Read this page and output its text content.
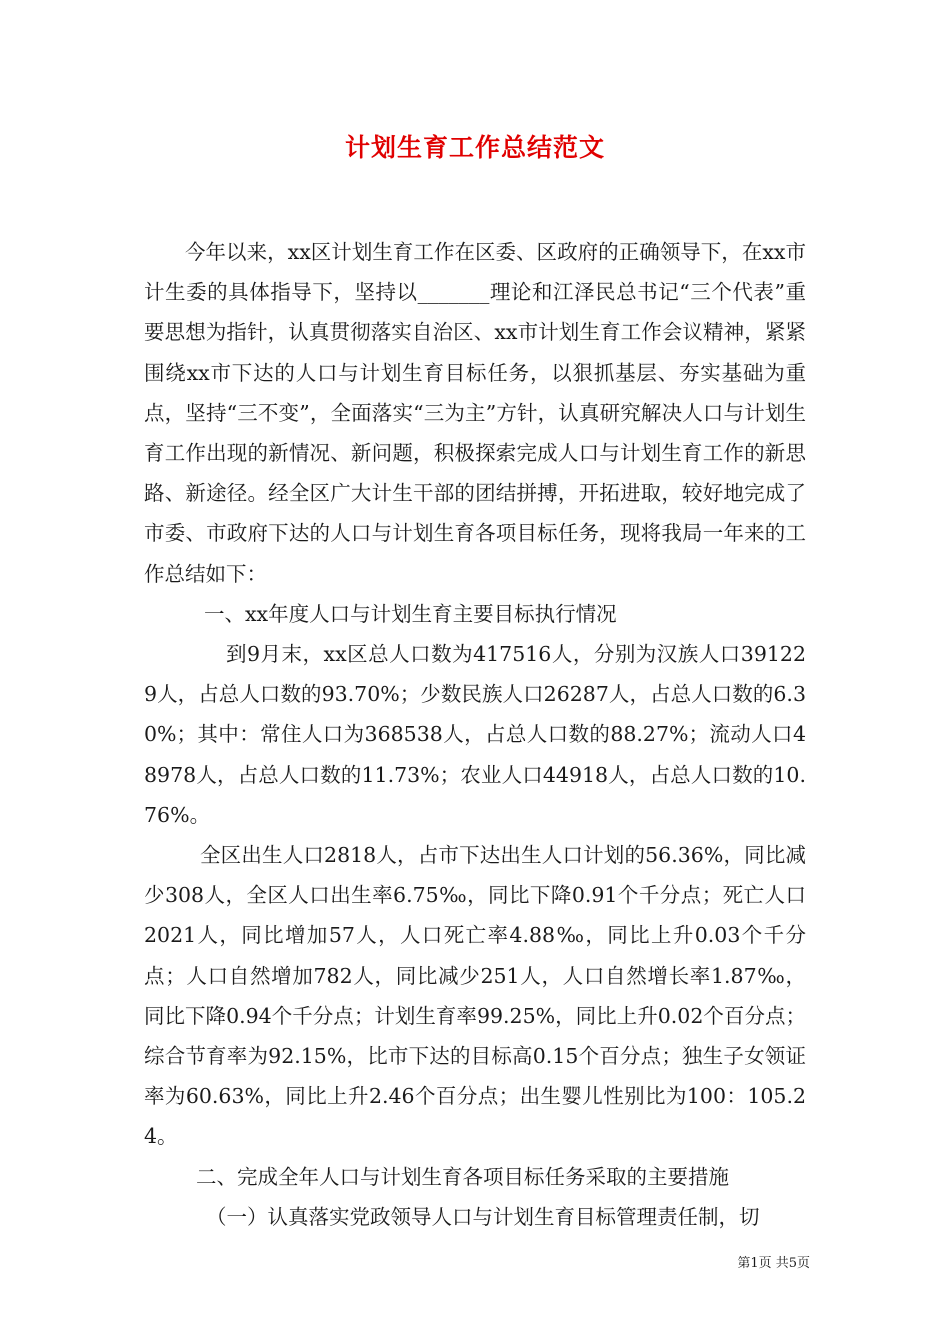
计划生育工作总结范文

今年以来，xx区计划生育工作在区委、区政府的正确领导下，在xx市计生委的具体指导下，坚持以_______理论和江泽民总书记“三个代表”重要思想为指针，认真贯彻落实自治区、xx市计划生育工作会议精神，紧紧围绕xx市下达的人口与计划生育目标任务，以狠抓基层、夯实基础为重点，坚持“三不变”，全面落实“三为主”方针，认真研究解决人口与计划生育工作出现的新情况、新问题，积极探索完成人口与计划生育工作的新思路、新途径。经全区广大计生干部的团结拼搏，开拓进取，较好地完成了市委、市政府下达的人口与计划生育各项目标任务，现将我局一年来的工作总结如下：

一、xx年度人口与计划生育主要目标执行情况

到9月末，xx区总人口数为417516人，分别为汉族人口391229人，占总人口数的93.70%；少数民族人口26287人，占总人口数的6.30%；其中：常住人口为368538人，占总人口数的88.27%；流动人口48978人，占总人口数的11.73%；农业人口44918人，占总人口数的10.76%。

全区出生人口2818人，占市下达出生人口计划的56.36%，同比减少308人，全区人口出生率6.75‰，同比下降0.91个千分点；死亡人口2021人，同比增加57人，人口死亡率4.88‰，同比上升0.03个千分点；人口自然增加782人，同比减少251人，人口自然增长率1.87‰，同比下降0.94个千分点；计划生育率99.25%，同比上升0.02个百分点；综合节育率为92.15%，比市下达的目标高0.15个百分点；独生子女领证率为60.63%，同比上升2.46个百分点；出生婴儿性别比为100：105.24。

二、完成全年人口与计划生育各项目标任务采取的主要措施

（一）认真落实党政领导人口与计划生育目标管理责任制，切

第1页 共5页
